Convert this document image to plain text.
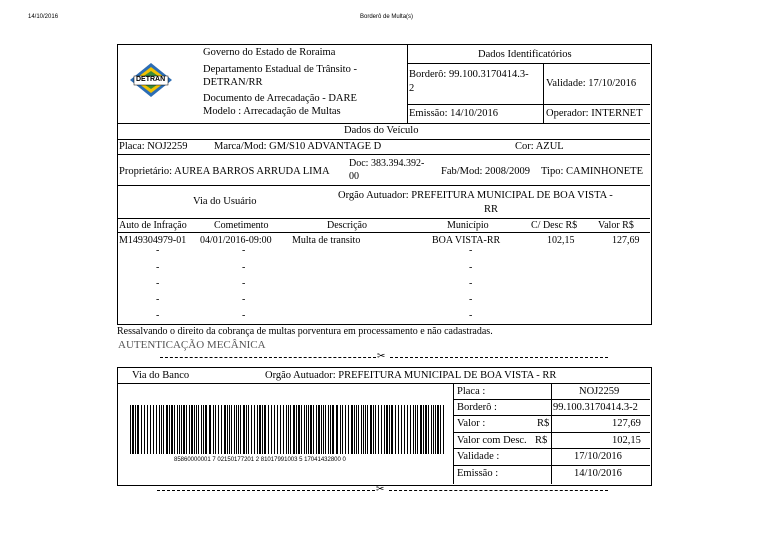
14/10/2016	Borderô de Multa(s)
DETRAN
Governo do Estado de Roraima
Departamento Estadual de Trânsito -
DETRAN/RR
Documento de Arrecadação - DARE
Modelo : Arrecadação de Multas
Dados Identificatórios
Borderô: 99.100.3170414.3-
2	Validade: 17/10/2016
Emissão: 14/10/2016	Operador: INTERNET
Dados do Veículo
Placa: NOJ2259	Marca/Mod: GM/S10 ADVANTAGE D	Cor: AZUL
Proprietário: AUREA BARROS ARRUDA LIMA
Doc: 383.394.392-
00	Fab/Mod: 2008/2009 Tipo: CAMINHONETE
Via do Usuário
Orgão Autuador: PREFEITURA MUNICIPAL DE BOA VISTA -
RR
Auto de Infração	Cometimento	Descrição	Município	C/ Desc R$ Valor R$
M149304979-01 04/01/2016-09:00 Multa de transito	BOA VISTA-RR	102,15	127,69
-	-	-
-	-	-
-	-	-
-	-	-
-	-	-
Ressalvando o direito da cobrança de multas porventura em processamento e não cadastradas.
AUTENTICAÇÃO MECÂNICA
✂
Via do Banco	Orgão Autuador: PREFEITURA MUNICIPAL DE BOA VISTA - RR
85860000001 7 02150177201 2 81017991003 5 17041432800 0
Placa :	NOJ2259
Borderô :	99.100.3170414.3-2
Valor :	R$	127,69
Valor com Desc. R$	102,15
Validade :	17/10/2016
Emissão :	14/10/2016
✂
